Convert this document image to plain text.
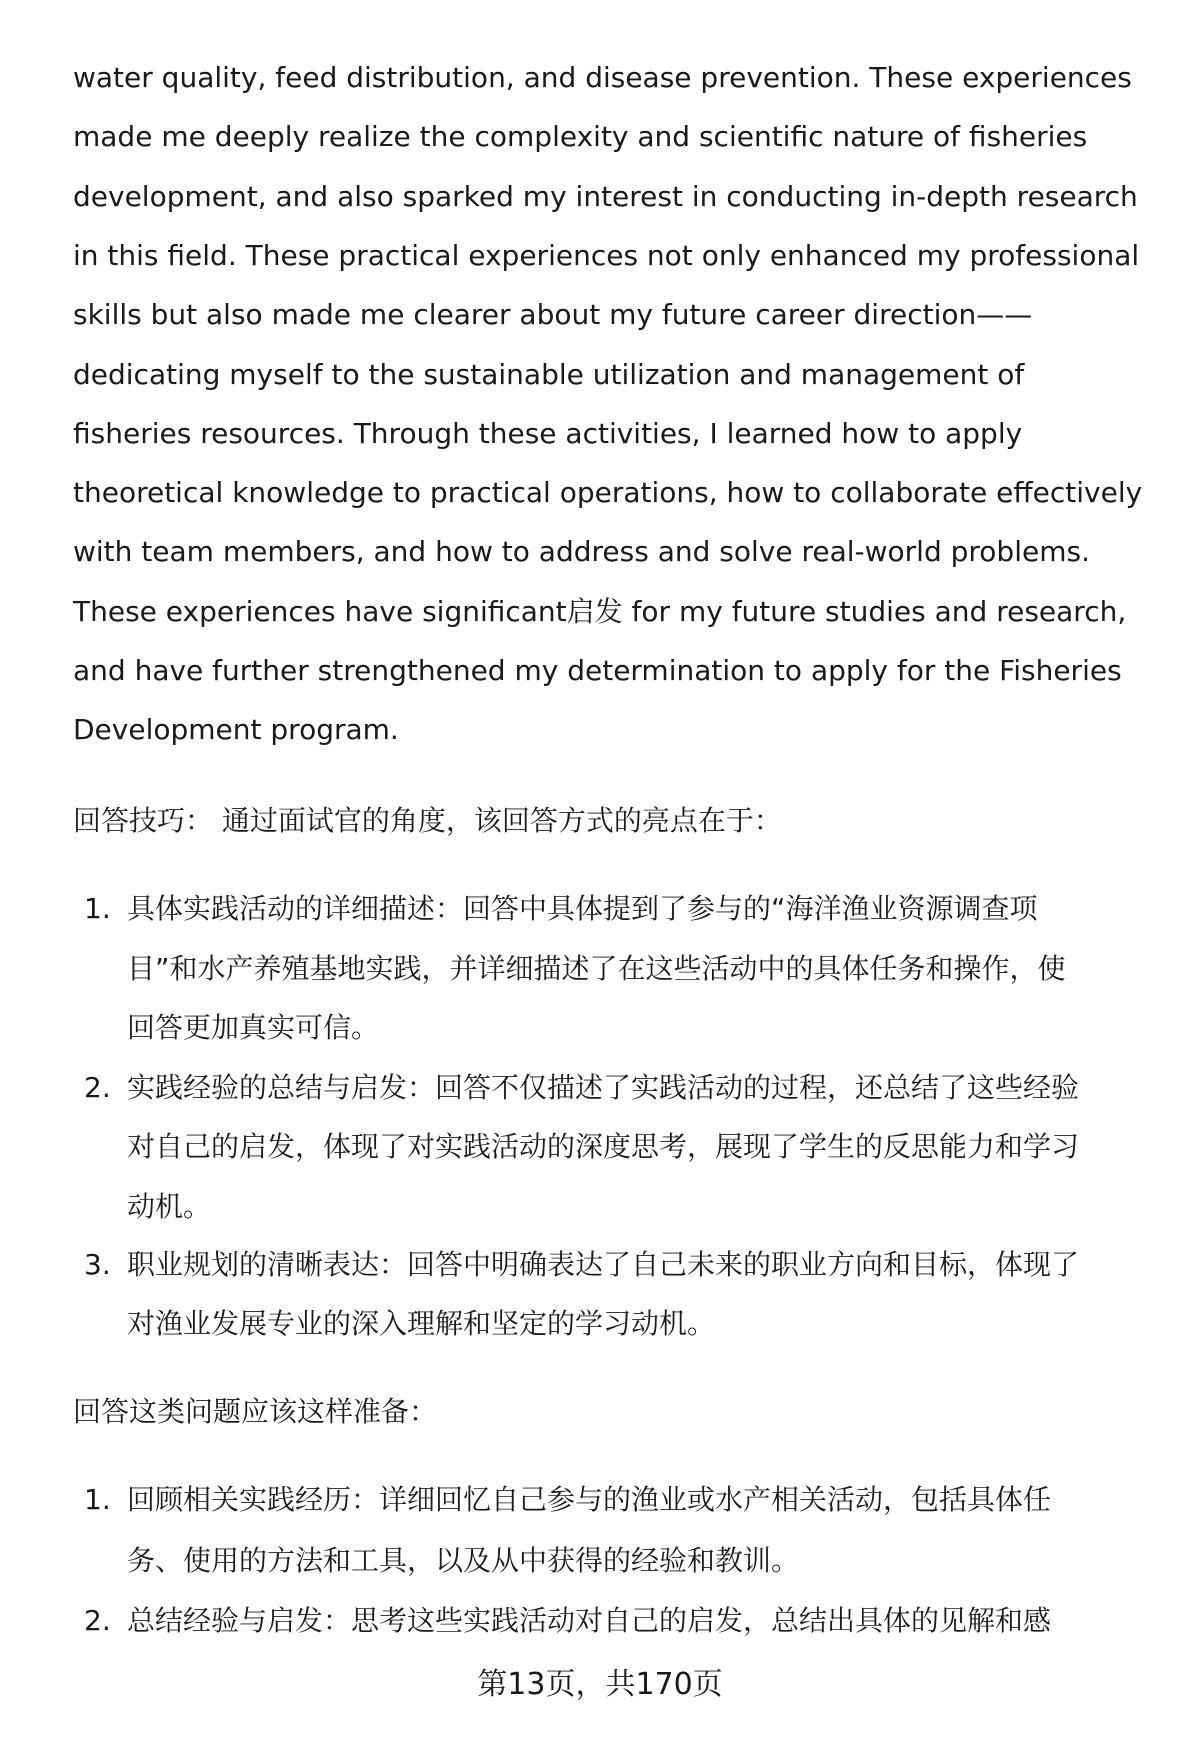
water quality, feed distribution, and disease prevention. These experiences
made me deeply realize the complexity and scientific nature of fisheries
development, and also sparked my interest in conducting in-depth research
in this field. These practical experiences not only enhanced my professional
skills but also made me clearer about my future career direction——
dedicating myself to the sustainable utilization and management of
fisheries resources. Through these activities, I learned how to apply
theoretical knowledge to practical operations, how to collaborate effectively
with team members, and how to address and solve real-world problems.
These experiences have significant启发 for my future studies and research,
and have further strengthened my determination to apply for the Fisheries
Development program.
回答技巧： 通过面试官的角度，该回答方式的亮点在于：
1. 具体实践活动的详细描述：回答中具体提到了参与的“海洋渔业资源调查项
目”和水产养殖基地实践，并详细描述了在这些活动中的具体任务和操作，使
回答更加真实可信。
2. 实践经验的总结与启发：回答不仅描述了实践活动的过程，还总结了这些经验
对自己的启发，体现了对实践活动的深度思考，展现了学生的反思能力和学习
动机。
3. 职业规划的清晰表达：回答中明确表达了自己未来的职业方向和目标，体现了
对渔业发展专业的深入理解和坚定的学习动机。
回答这类问题应该这样准备：
1. 回顾相关实践经历：详细回忆自己参与的渔业或水产相关活动，包括具体任
务、使用的方法和工具，以及从中获得的经验和教训。
2. 总结经验与启发：思考这些实践活动对自己的启发，总结出具体的见解和感
第13页，共170页
